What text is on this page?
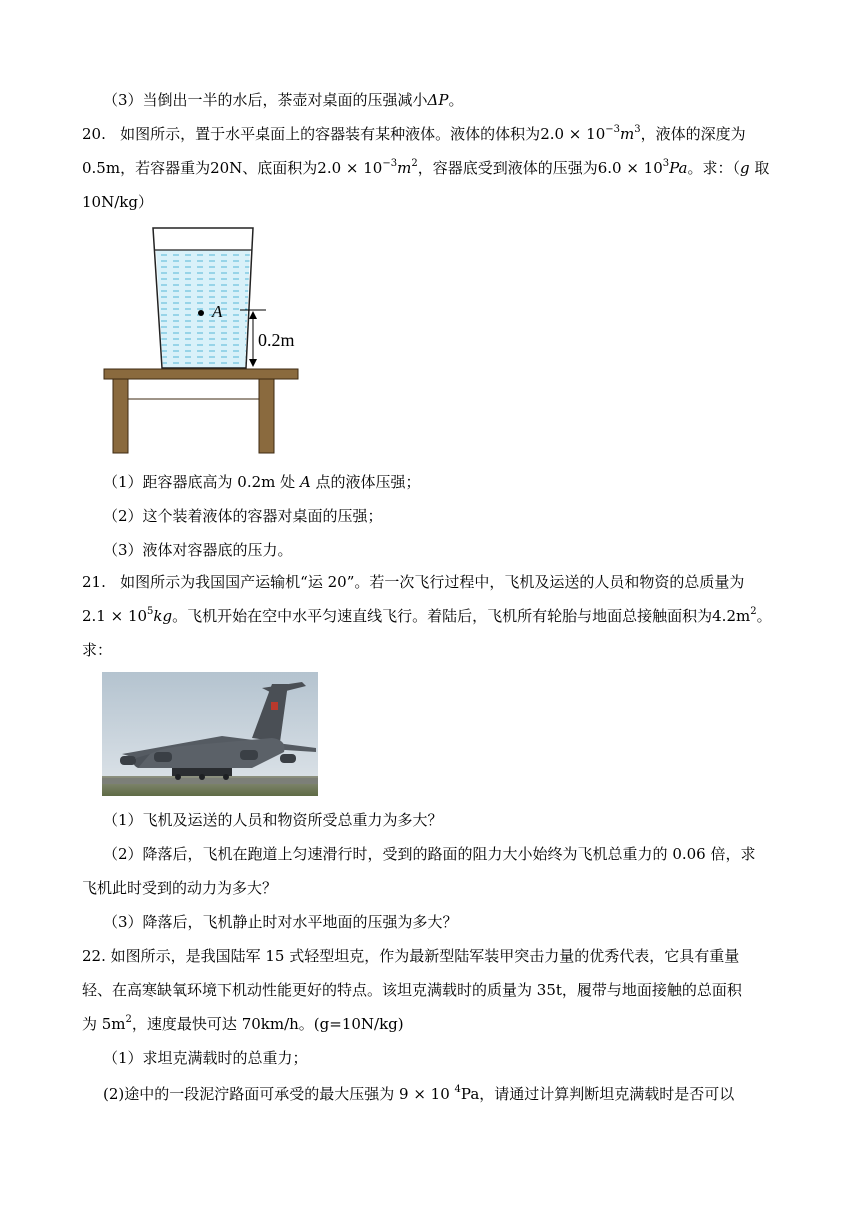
（3）当倒出一半的水后，茶壶对桌面的压强减小ΔP。
20. 如图所示，置于水平桌面上的容器装有某种液体。液体的体积为$2.0 \times 10^{-3}m^3$，液体的深度为
0.5m，若容器重为20N、底面积为$2.0 \times 10^{-3}m^2$，容器底受到液体的压强为$6.0 \times 10^3Pa$。求：（g 取
10N/kg）
A
0.2m
（1）距容器底高为 0.2m 处 A 点的液体压强；
（2）这个装着液体的容器对桌面的压强；
（3）液体对容器底的压力。
21. 如图所示为我国国产运输机“运 20”。若一次飞行过程中，飞机及运送的人员和物资的总质量为
$2.1 \times 10^5kg$。飞机开始在空中水平匀速直线飞行。着陆后，飞机所有轮胎与地面总接触面积为$4.2m^2$。
求：
（1）飞机及运送的人员和物资所受总重力为多大？
（2）降落后，飞机在跑道上匀速滑行时，受到的路面的阻力大小始终为飞机总重力的 0.06 倍，求
飞机此时受到的动力为多大？
（3）降落后，飞机静止时对水平地面的压强为多大？
22. 如图所示，是我国陆军 15 式轻型坦克，作为最新型陆军装甲突击力量的优秀代表，它具有重量
轻、在高寒缺氧环境下机动性能更好的特点。该坦克满载时的质量为 35t，履带与地面接触的总面积
为 $5m^2$，速度最快可达 70km/h。(g=10N/kg)
（1）求坦克满载时的总重力；
(2)途中的一段泥泞路面可承受的最大压强为 9 × 10 $^4$Pa，请通过计算判断坦克满载时是否可以
